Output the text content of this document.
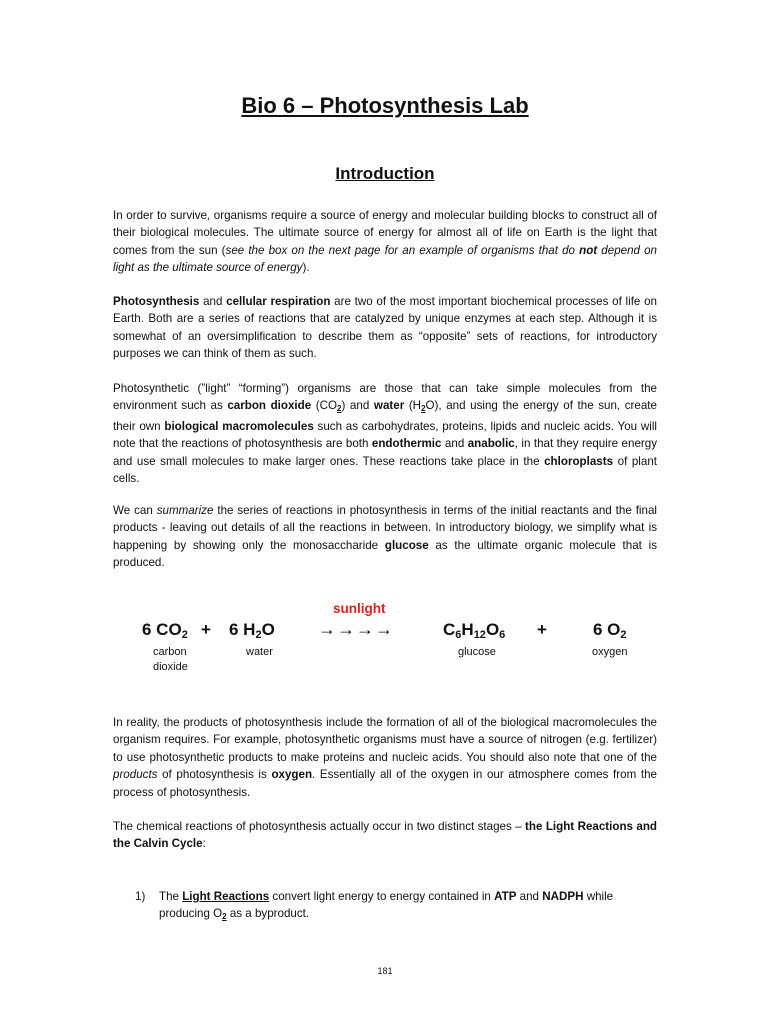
Bio 6 – Photosynthesis Lab
Introduction

In order to survive, organisms require a source of energy and molecular building blocks to construct all of their biological molecules. The ultimate source of energy for almost all of life on Earth is the light that comes from the sun (see the box on the next page for an example of organisms that do not depend on light as the ultimate source of energy).

Photosynthesis and cellular respiration are two of the most important biochemical processes of life on Earth. Both are a series of reactions that are catalyzed by unique enzymes at each step. Although it is somewhat of an oversimplification to describe them as “opposite” sets of reactions, for introductory purposes we can think of them as such.

Photosynthetic (”light” “forming”) organisms are those that can take simple molecules from the environment such as carbon dioxide $(CO_2)$ and water $(H_2O)$, and using the energy of the sun, create their own biological macromolecules such as carbohydrates, proteins, lipids and nucleic acids. You will note that the reactions of photosynthesis are both endothermic and anabolic, in that they require energy and use small molecules to make larger ones. These reactions take place in the chloroplasts of plant cells.

We can summarize the series of reactions in photosynthesis in terms of the initial reactants and the final products - leaving out details of all the reactions in between. In introductory biology, we simplify what is happening by showing only the monosaccharide glucose as the ultimate organic molecule that is produced.

sunlight
→→→→
6 $CO_2 + 6$ $H_2O$	$C_6H_{12}O_6$ +	6 $O_2$
carbon
dioxide
water	glucose	oxygen

In reality, the products of photosynthesis include the formation of all of the biological macromolecules the organism requires. For example, photosynthetic organisms must have a source of nitrogen (e.g. fertilizer) to use photosynthetic products to make proteins and nucleic acids. You should also note that one of the products of photosynthesis is oxygen. Essentially all of the oxygen in our atmosphere comes from the process of photosynthesis.

The chemical reactions of photosynthesis actually occur in two distinct stages – the Light Reactions and the Calvin Cycle:

1) The Light Reactions convert light energy to energy contained in ATP and NADPH while producing $O_2$ as a byproduct.
181
